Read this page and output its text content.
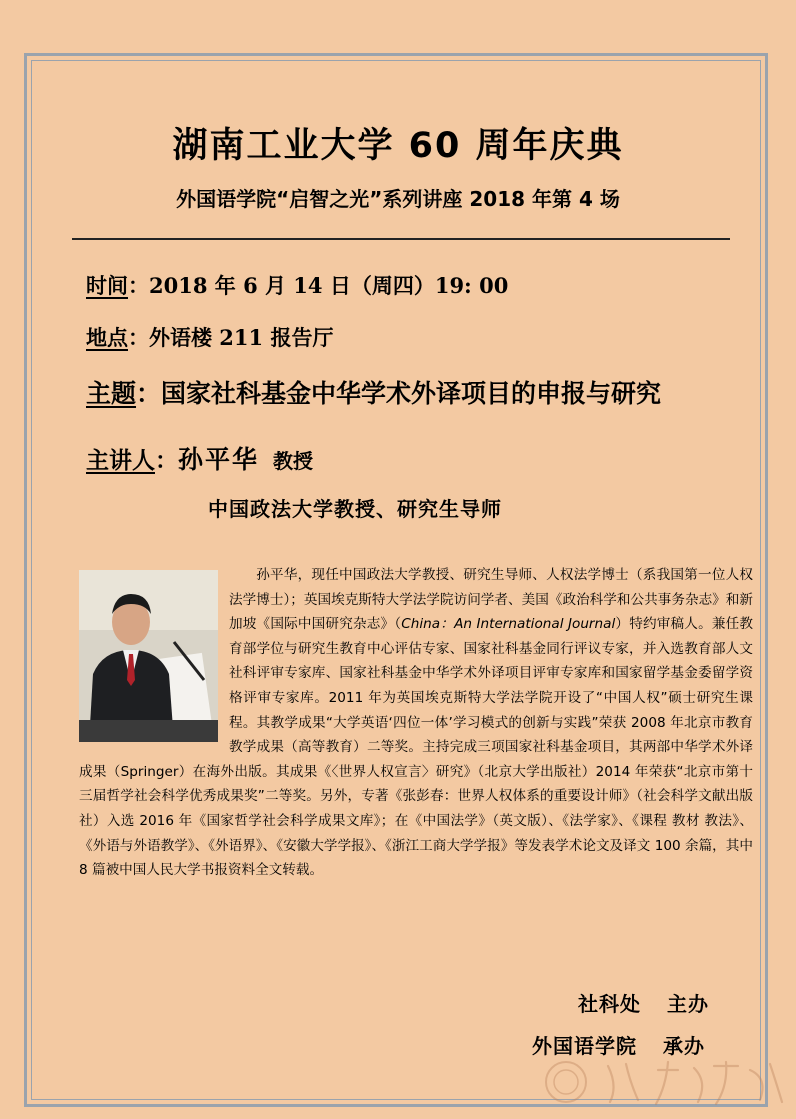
湖南工业大学 60 周年庆典
外国语学院“启智之光”系列讲座 2018 年第 4 场
时间：2018 年 6 月 14 日（周四）19: 00
地点：外语楼 211 报告厅
主题：国家社科基金中华学术外译项目的申报与研究
主讲人：孙平华 教授
中国政法大学教授、研究生导师

孙平华，现任中国政法大学教授、研究生导师、人权法学博士（系我国第一位人权法学博士）；英国埃克斯特大学法学院访问学者、美国《政治科学和公共事务杂志》和新加坡《国际中国研究杂志》（China：An International Journal）特约审稿人。兼任教育部学位与研究生教育中心评估专家、国家社科基金同行评议专家，并入选教育部人文社科评审专家库、国家社科基金中华学术外译项目评审专家库和国家留学基金委留学资格评审专家库。2011 年为英国埃克斯特大学法学院开设了“中国人权”硕士研究生课程。其教学成果“大学英语‘四位一体’学习模式的创新与实践”荣获 2008 年北京市教育教学成果（高等教育）二等奖。主持完成三项国家社科基金项目，其两部中华学术外译成果（Springer）在海外出版。其成果《〈世界人权宣言〉研究》（北京大学出版社）2014 年荣获“北京市第十三届哲学社会科学优秀成果奖”二等奖。另外，专著《张彭春：世界人权体系的重要设计师》（社会科学文献出版社）入选 2016 年《国家哲学社会科学成果文库》；在《中国法学》（英文版）、《法学家》、《课程 教材 教法》、《外语与外语教学》、《外语界》、《安徽大学学报》、《浙江工商大学学报》等发表学术论文及译文 100 余篇，其中 8 篇被中国人民大学书报资料全文转载。

社科处 主办
外国语学院 承办
